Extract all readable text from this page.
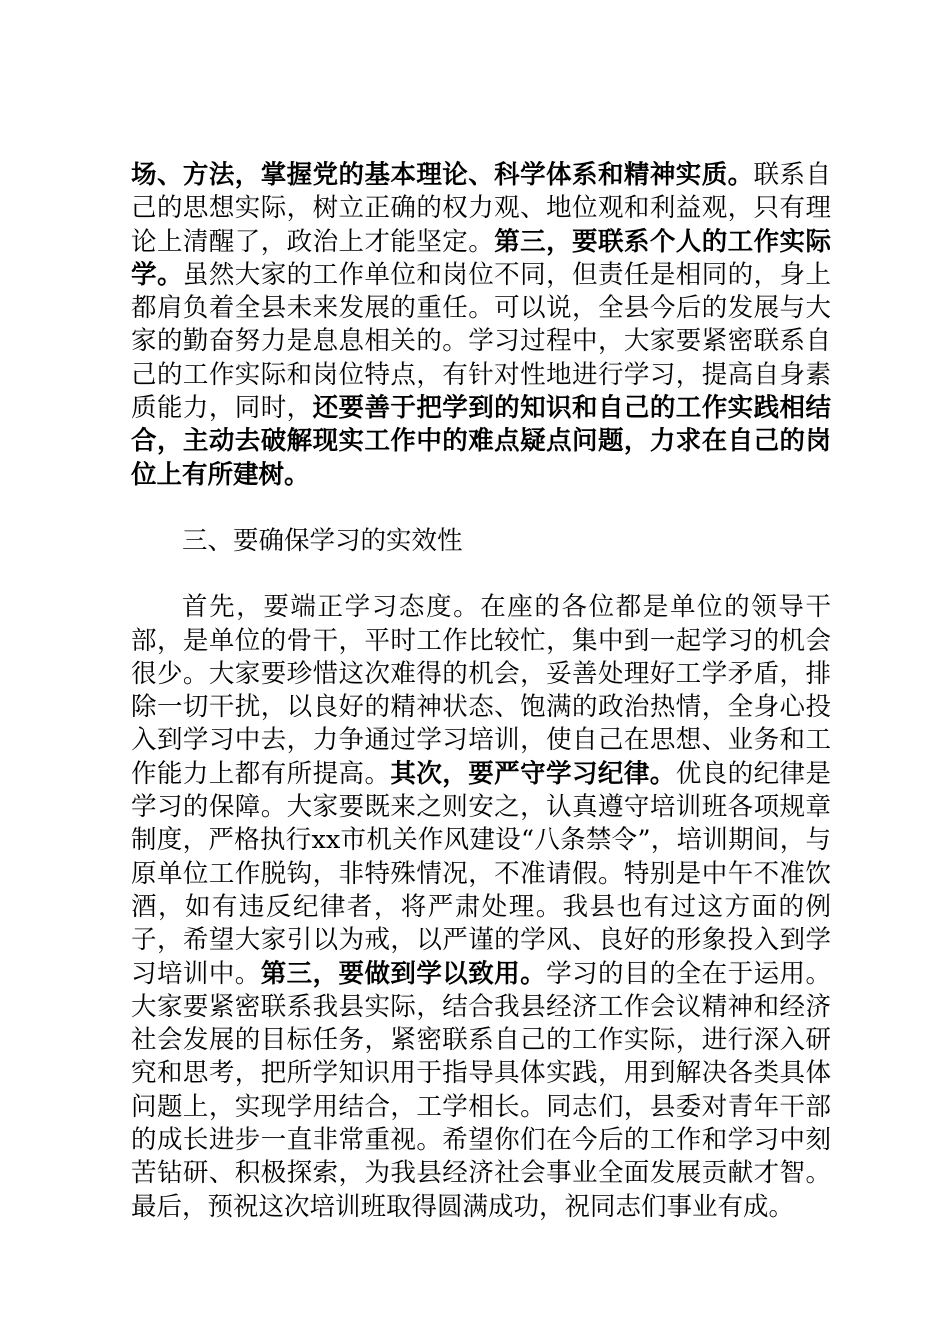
场、方法，掌握党的基本理论、科学体系和精神实质。联系自己的思想实际，树立正确的权力观、地位观和利益观，只有理论上清醒了，政治上才能坚定。第三，要联系个人的工作实际学。虽然大家的工作单位和岗位不同，但责任是相同的，身上都肩负着全县未来发展的重任。可以说，全县今后的发展与大家的勤奋努力是息息相关的。学习过程中，大家要紧密联系自己的工作实际和岗位特点，有针对性地进行学习，提高自身素质能力，同时，还要善于把学到的知识和自己的工作实践相结合，主动去破解现实工作中的难点疑点问题，力求在自己的岗位上有所建树。

三、要确保学习的实效性

首先，要端正学习态度。在座的各位都是单位的领导干部，是单位的骨干，平时工作比较忙，集中到一起学习的机会很少。大家要珍惜这次难得的机会，妥善处理好工学矛盾，排除一切干扰，以良好的精神状态、饱满的政治热情，全身心投入到学习中去，力争通过学习培训，使自己在思想、业务和工作能力上都有所提高。其次，要严守学习纪律。优良的纪律是学习的保障。大家要既来之则安之，认真遵守培训班各项规章制度，严格执行xx市机关作风建设“八条禁令”，培训期间，与原单位工作脱钩，非特殊情况，不准请假。特别是中午不准饮酒，如有违反纪律者，将严肃处理。我县也有过这方面的例子，希望大家引以为戒，以严谨的学风、良好的形象投入到学习培训中。第三，要做到学以致用。学习的目的全在于运用。大家要紧密联系我县实际，结合我县经济工作会议精神和经济社会发展的目标任务，紧密联系自己的工作实际，进行深入研究和思考，把所学知识用于指导具体实践，用到解决各类具体问题上，实现学用结合，工学相长。同志们，县委对青年干部的成长进步一直非常重视。希望你们在今后的工作和学习中刻苦钻研、积极探索，为我县经济社会事业全面发展贡献才智。最后，预祝这次培训班取得圆满成功，祝同志们事业有成。
